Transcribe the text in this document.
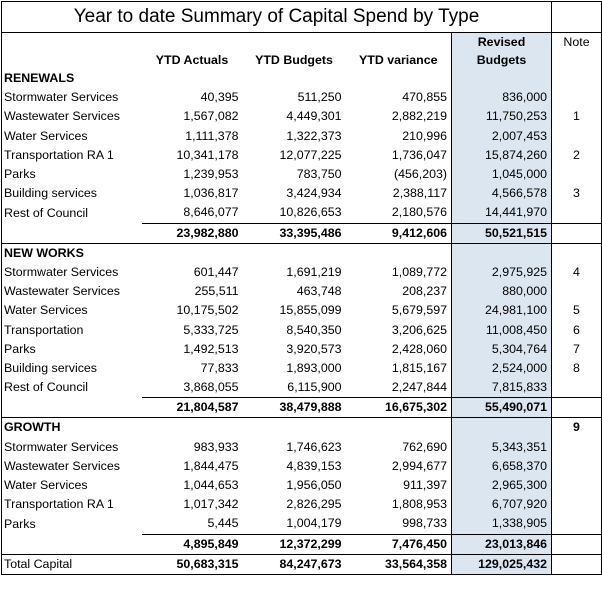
Year to date Summary of Capital Spend by Type					
				Revised	Note
	YTD Actuals	YTD Budgets	YTD variance	Budgets	
RENEWALS					
Stormwater Services	40,395	511,250	470,855	836,000	
Wastewater Services	1,567,082	4,449,301	2,882,219	11,750,253	1
Water Services	1,111,378	1,322,373	210,996	2,007,453	
Transportation RA 1	10,341,178	12,077,225	1,736,047	15,874,260	2
Parks	1,239,953	783,750	(456,203)	1,045,000	
Building services	1,036,817	3,424,934	2,388,117	4,566,578	3
Rest of Council	8,646,077	10,826,653	2,180,576	14,441,970	
	23,982,880	33,395,486	9,412,606	50,521,515	
NEW WORKS					
Stormwater Services	601,447	1,691,219	1,089,772	2,975,925	4
Wastewater Services	255,511	463,748	208,237	880,000	
Water Services	10,175,502	15,855,099	5,679,597	24,981,100	5
Transportation	5,333,725	8,540,350	3,206,625	11,008,450	6
Parks	1,492,513	3,920,573	2,428,060	5,304,764	7
Building services	77,833	1,893,000	1,815,167	2,524,000	8
Rest of Council	3,868,055	6,115,900	2,247,844	7,815,833	
	21,804,587	38,479,888	16,675,302	55,490,071	
GROWTH					9
Stormwater Services	983,933	1,746,623	762,690	5,343,351	
Wastewater Services	1,844,475	4,839,153	2,994,677	6,658,370	
Water Services	1,044,653	1,956,050	911,397	2,965,300	
Transportation RA 1	1,017,342	2,826,295	1,808,953	6,707,920	
Parks	5,445	1,004,179	998,733	1,338,905	
	4,895,849	12,372,299	7,476,450	23,013,846	
Total Capital	50,683,315	84,247,673	33,564,358	129,025,432	
